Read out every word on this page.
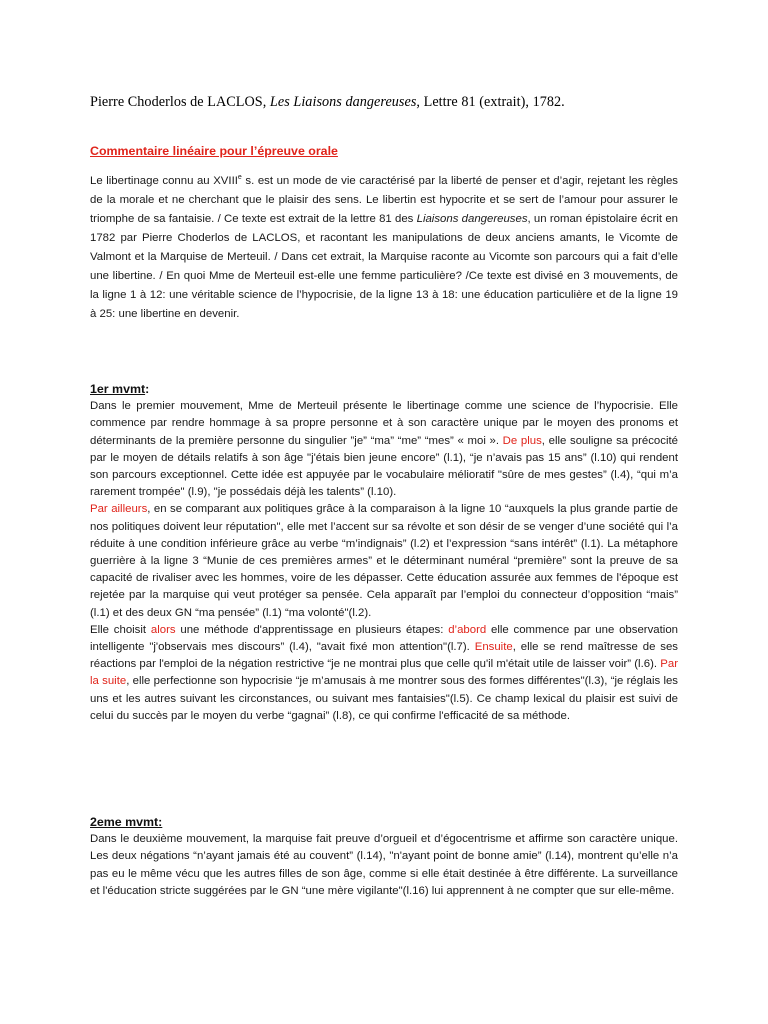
Pierre Choderlos de LACLOS, Les Liaisons dangereuses, Lettre 81 (extrait), 1782.
Commentaire linéaire pour l’épreuve orale

Le libertinage connu au XVIIIe s. est un mode de vie caractérisé par la liberté de penser et d’agir, rejetant les règles de la morale et ne cherchant que le plaisir des sens. Le libertin est hypocrite et se sert de l’amour pour assurer le triomphe de sa fantaisie. / Ce texte est extrait de la lettre 81 des Liaisons dangereuses, un roman épistolaire écrit en 1782 par Pierre Choderlos de LACLOS, et racontant les manipulations de deux anciens amants, le Vicomte de Valmont et la Marquise de Merteuil. / Dans cet extrait, la Marquise raconte au Vicomte son parcours qui a fait d’elle une libertine. / En quoi Mme de Merteuil est-elle une femme particulière? /Ce texte est divisé en 3 mouvements, de la ligne 1 à 12: une véritable science de l’hypocrisie, de la ligne 13 à 18: une éducation particulière et de la ligne 19 à 25: une libertine en devenir.

1er mvmt:

Dans le premier mouvement, Mme de Merteuil présente le libertinage comme une science de l’hypocrisie. Elle commence par rendre hommage à sa propre personne et à son caractère unique par le moyen des pronoms et déterminants de la première personne du singulier ”je” “ma” “me” “mes” « moi ». De plus, elle souligne sa précocité par le moyen de détails relatifs à son âge "j'étais bien jeune encore” (l.1), “je n’avais pas 15 ans” (l.10) qui rendent son parcours exceptionnel. Cette idée est appuyée par le vocabulaire mélioratif "sûre de mes gestes” (l.4), “qui m’a rarement trompée" (l.9), "je possédais déjà les talents” (l.10).

Par ailleurs, en se comparant aux politiques grâce à la comparaison à la ligne 10 “auxquels la plus grande partie de nos politiques doivent leur réputation", elle met l’accent sur sa révolte et son désir de se venger d’une société qui l’a réduite à une condition inférieure grâce au verbe “m’indignais” (l.2) et l’expression “sans intérêt” (l.1). La métaphore guerrière à la ligne 3 “Munie de ces premières armes” et le déterminant numéral “première” sont la preuve de sa capacité de rivaliser avec les hommes, voire de les dépasser. Cette éducation assurée aux femmes de l'époque est rejetée par la marquise qui veut protéger sa pensée. Cela apparaît par l’emploi du connecteur d’opposition “mais” (l.1) et des deux GN “ma pensée” (l.1) “ma volonté"(l.2).

Elle choisit alors une méthode d'apprentissage en plusieurs étapes: d’abord elle commence par une observation intelligente "j'observais mes discours” (l.4), "avait fixé mon attention"(l.7). Ensuite, elle se rend maîtresse de ses réactions par l'emploi de la négation restrictive “je ne montrai plus que celle qu'il m'était utile de laisser voir” (l.6). Par la suite, elle perfectionne son hypocrisie “je m’amusais à me montrer sous des formes différentes"(l.3), “je réglais les uns et les autres suivant les circonstances, ou suivant mes fantaisies"(l.5). Ce champ lexical du plaisir est suivi de celui du succès par le moyen du verbe “gagnai” (l.8), ce qui confirme l'efficacité de sa méthode.

2eme mvmt:

Dans le deuxième mouvement, la marquise fait preuve d’orgueil et d’égocentrisme et affirme son caractère unique. Les deux négations “n’ayant jamais été au couvent” (l.14), "n'ayant point de bonne amie” (l.14), montrent qu’elle n’a pas eu le même vécu que les autres filles de son âge, comme si elle était destinée à être différente. La surveillance et l'éducation stricte suggérées par le GN “une mère vigilante"(l.16) lui apprennent à ne compter que sur elle-même.
